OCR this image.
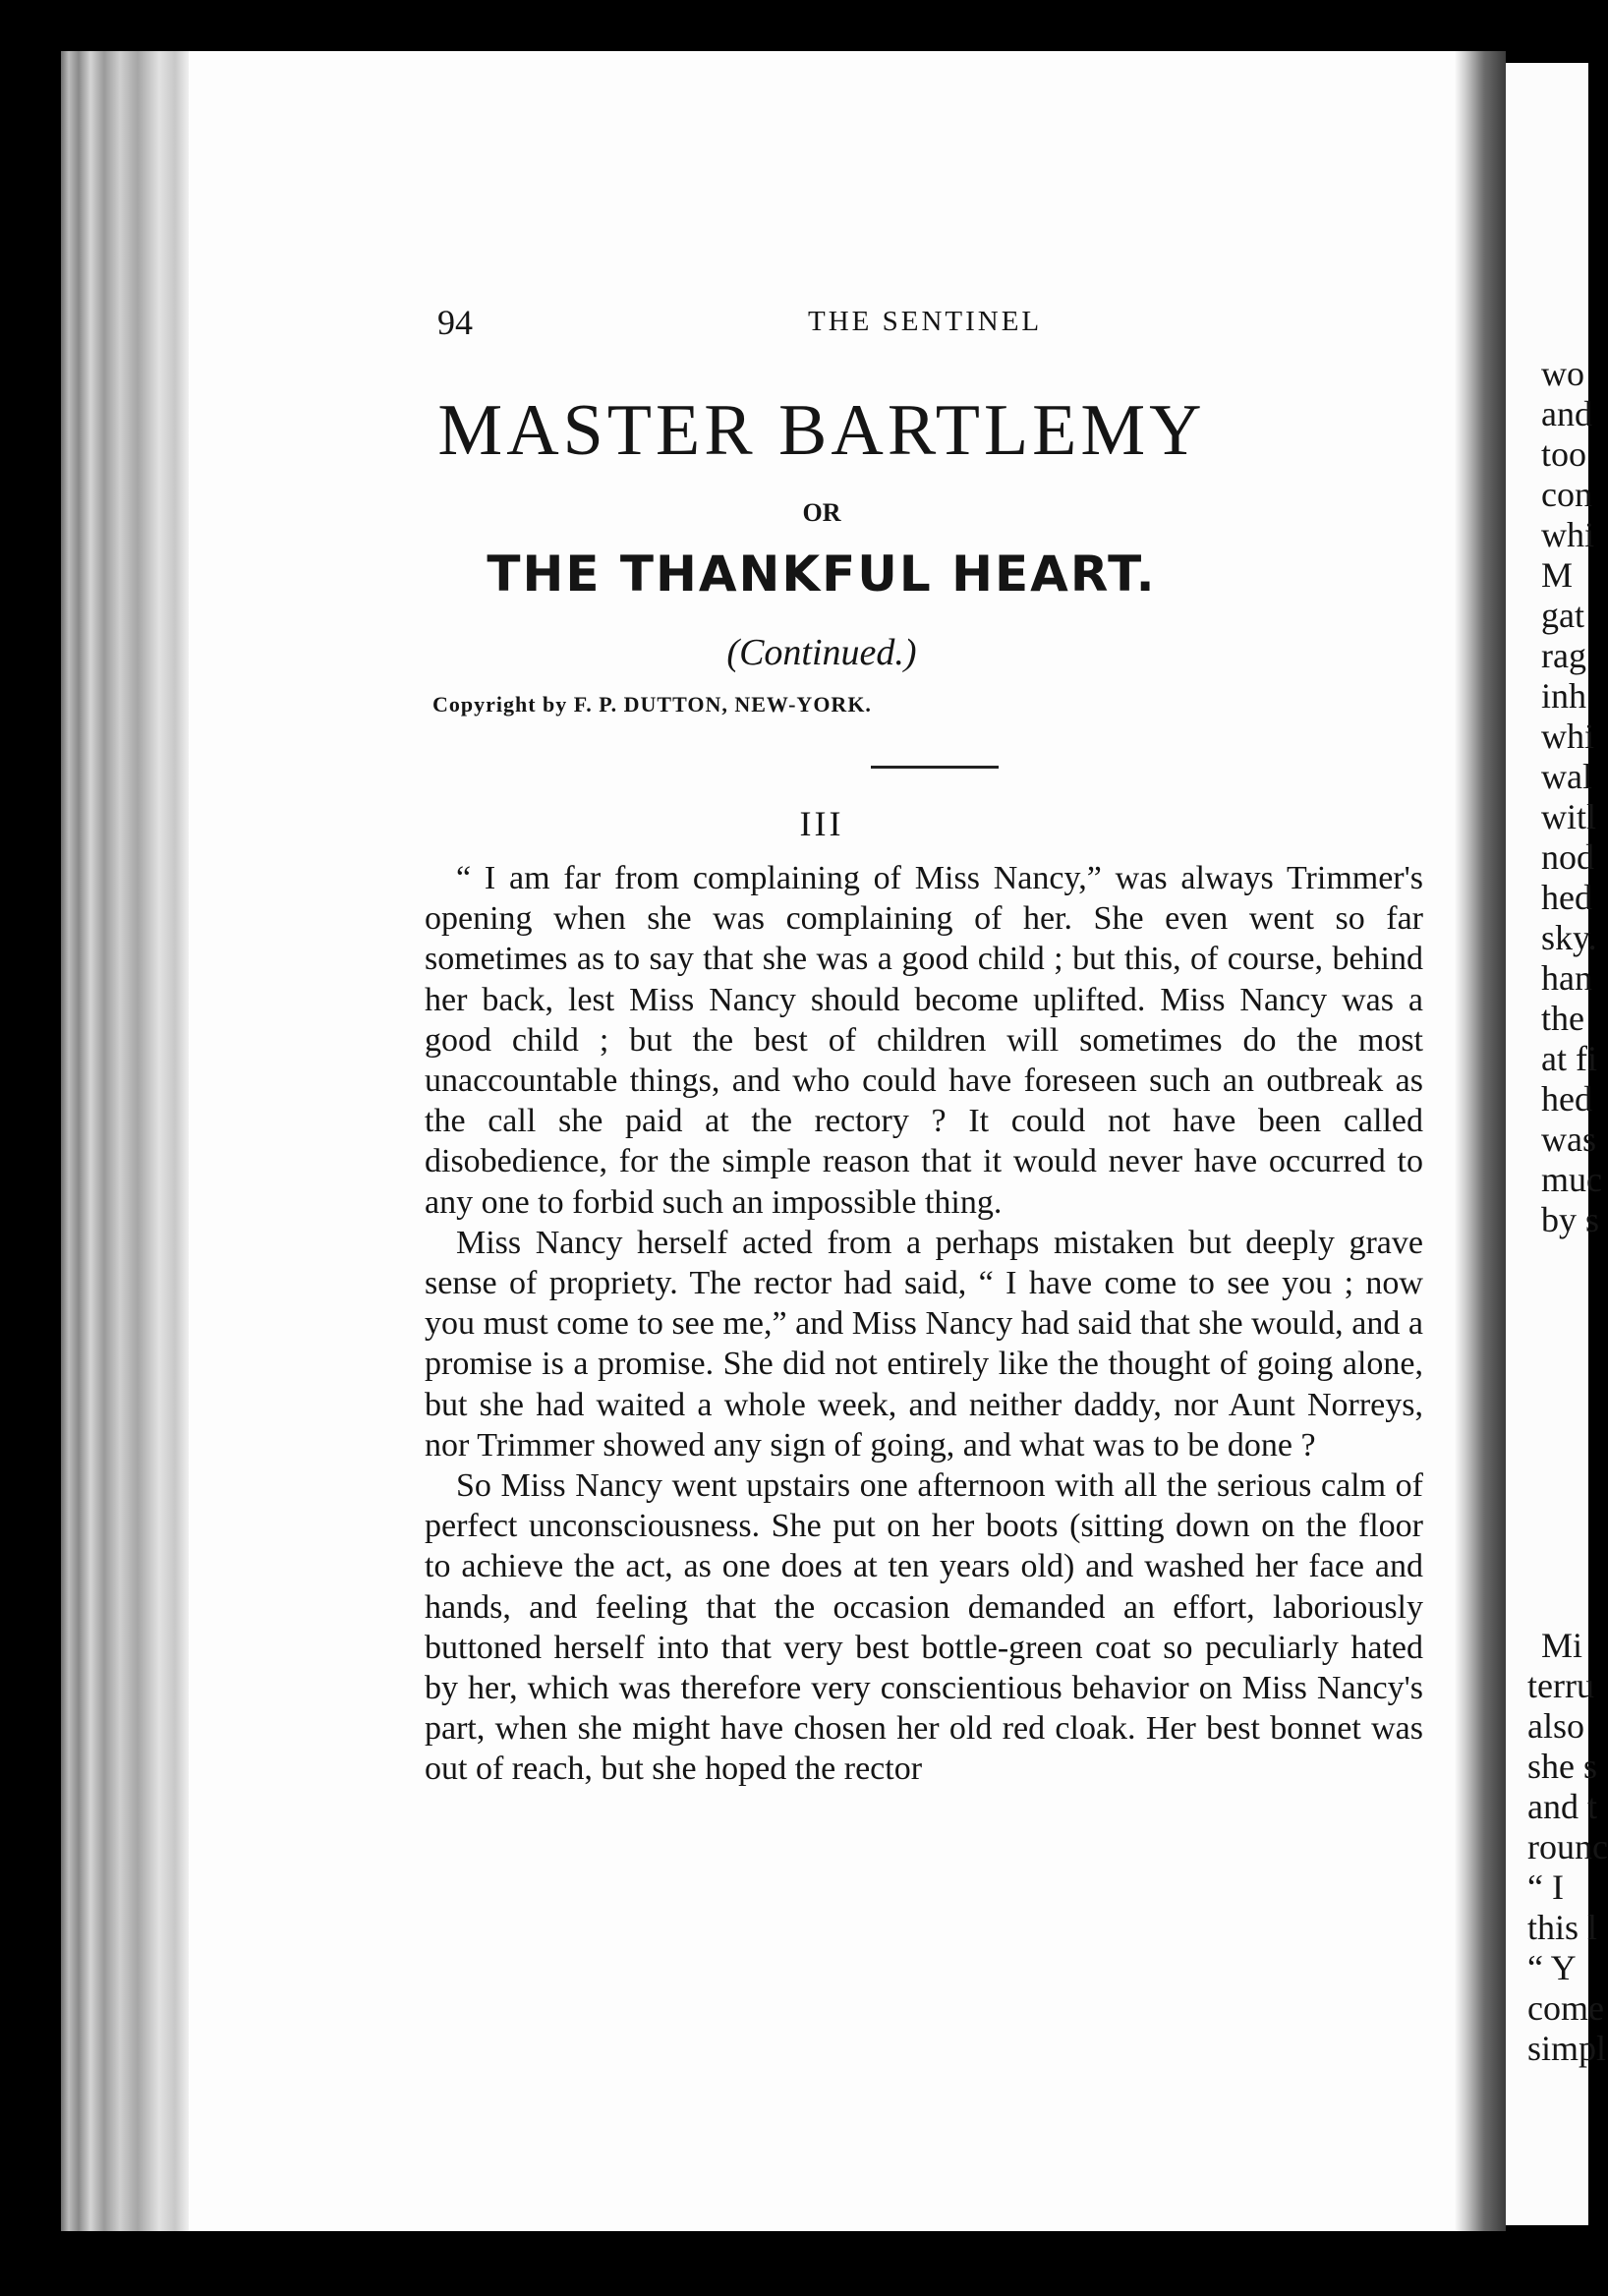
94	THE SENTINEL
MASTER BARTLEMY
OR
THE THANKFUL HEART.
(Continued.)
Copyright by F. P. DUTTON, NEW-YORK.
III

“ I am far from complaining of Miss Nancy,” was always Trimmer's opening when she was complaining of her. She even went so far sometimes as to say that she was a good child ; but this, of course, behind her back, lest Miss Nancy should become uplifted. Miss Nancy was a good child ; but the best of children will sometimes do the most unaccountable things, and who could have foreseen such an outbreak as the call she paid at the rectory ? It could not have been called disobedience, for the simple reason that it would never have occurred to any one to forbid such an impossible thing.

Miss Nancy herself acted from a perhaps mistaken but deeply grave sense of propriety. The rector had said, “ I have come to see you ; now you must come to see me,” and Miss Nancy had said that she would, and a promise is a promise. She did not entirely like the thought of going alone, but she had waited a whole week, and neither daddy, nor Aunt Norreys, nor Trimmer showed any sign of going, and what was to be done ?

So Miss Nancy went upstairs one afternoon with all the serious calm of perfect unconsciousness. She put on her boots (sitting down on the floor to achieve the act, as one does at ten years old) and washed her face and hands, and feeling that the occasion demanded an effort, laboriously buttoned herself into that very best bottle-green coat so peculiarly hated by her, which was therefore very conscientious behavior on Miss Nancy's part, when she might have chosen her old red cloak. Her best bonnet was out of reach, but she hoped the rector

wo
and
too
con
whi
M
gat
rag
inh
whi
wal
witl
nod
hed
sky.
han
the
at fi
hed
was
muc
by s
Mi
terru
also
she s
and t
rounc
“ I
this l
“ Y
come
simpl
